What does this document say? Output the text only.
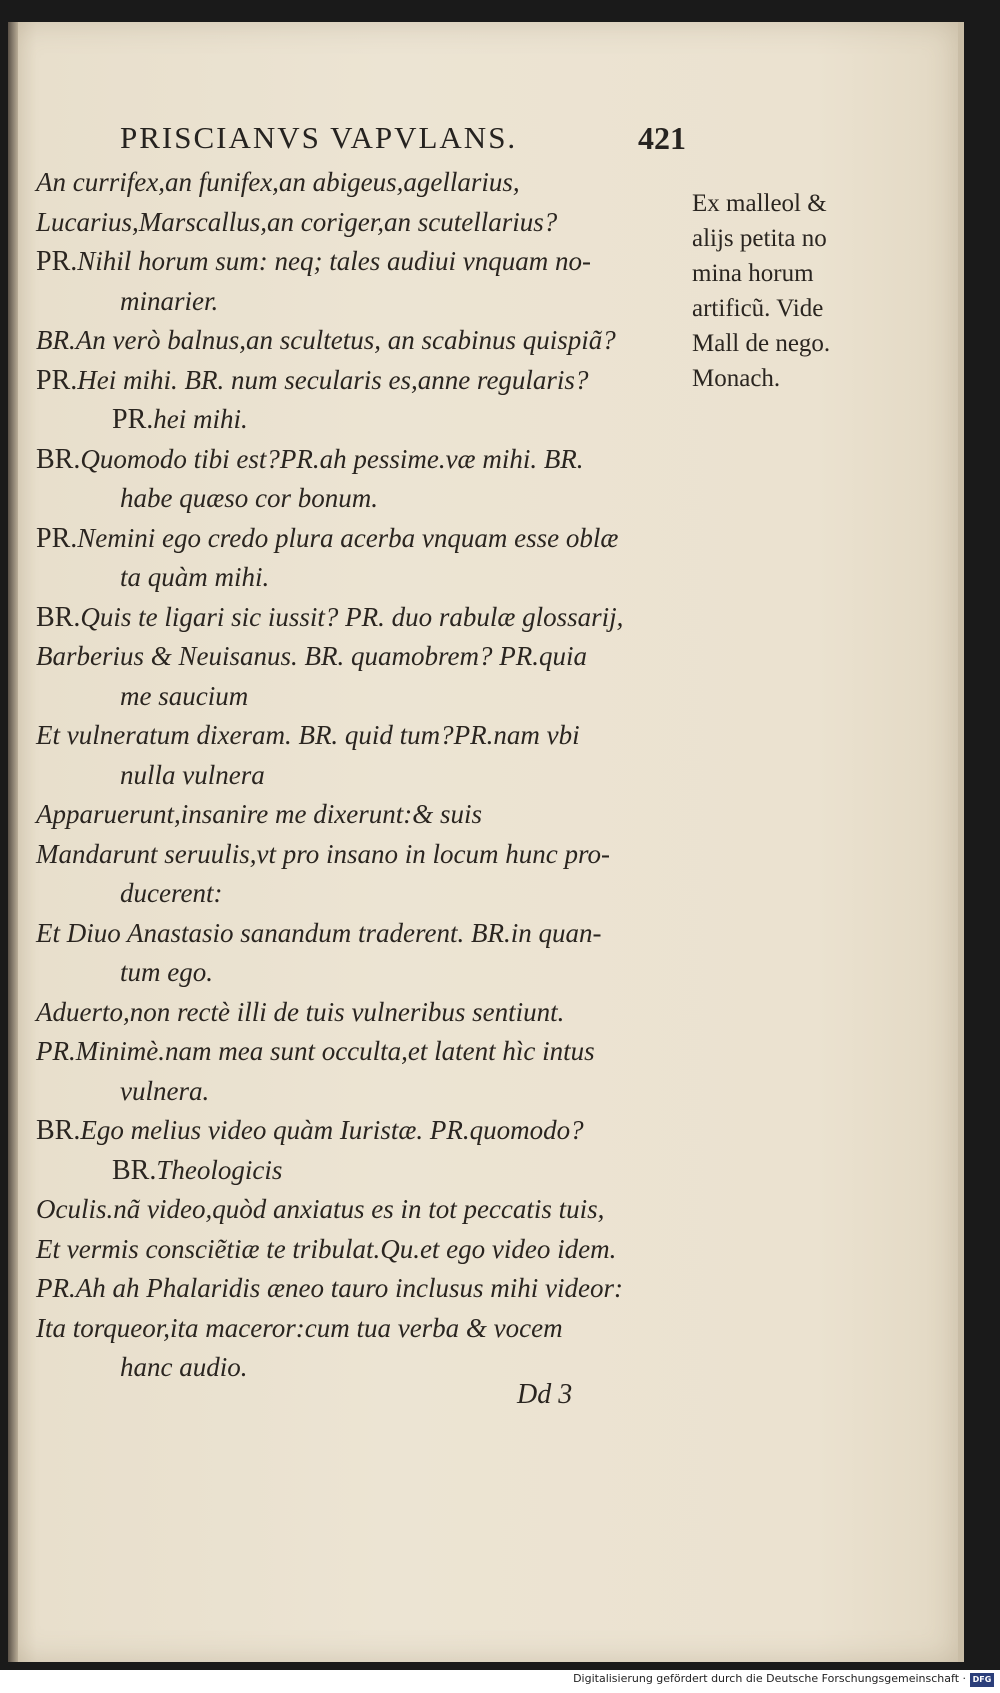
PRISCIANVS VAPVLANS.	421
An currifex,an funifex,an abigeus,agellarius,
Lucarius,Marscallus,an coriger,an scutellarius?
PR.Nihil horum sum: neq; tales audiui vnquam no-
minarier.
BR.An verò balnus,an scultetus, an scabinus quispiã?
PR.Hei mihi. BR. num secularis es,anne regularis?
PR.hei mihi.
BR.Quomodo tibi est?PR.ah pessime.væ mihi. BR.
habe quæso cor bonum.
PR.Nemini ego credo plura acerba vnquam esse oblæ
ta quàm mihi.
BR.Quis te ligari sic iussit? PR. duo rabulæ glossarij,
Barberius & Neuisanus. BR. quamobrem? PR.quia
me saucium
Et vulneratum dixeram. BR. quid tum?PR.nam vbi
nulla vulnera
Apparuerunt,insanire me dixerunt:& suis
Mandarunt seruulis,vt pro insano in locum hunc pro-
ducerent:
Et Diuo Anastasio sanandum traderent. BR.in quan-
tum ego.
Aduerto,non rectè illi de tuis vulneribus sentiunt.
PR.Minimè.nam mea sunt occulta,et latent hìc intus
vulnera.
BR.Ego melius video quàm Iuristæ. PR.quomodo?
BR.Theologicis
Oculis.nã video,quòd anxiatus es in tot peccatis tuis,
Et vermis consciẽtiæ te tribulat.Qu.et ego video idem.
PR.Ah ah Phalaridis æneo tauro inclusus mihi videor:
Ita torqueor,ita maceror:cum tua verba & vocem
hanc audio.
Dd 3
Ex malleol &
alijs petita no
mina horum
artificũ. Vide
Mall de nego.
Monach.
Digitalisierung gefördert durch die Deutsche Forschungsgemeinschaft · DFG
